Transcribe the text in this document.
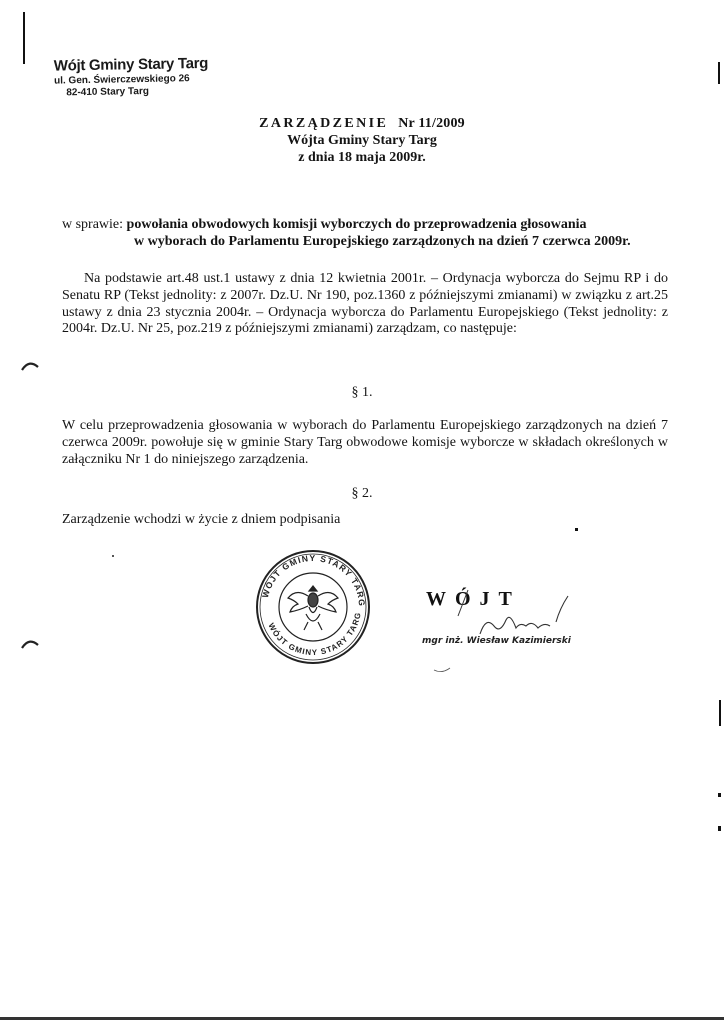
Wójt Gminy Stary Targ
ul. Gen. Świerczewskiego 26
82-410 Stary Targ
ZARZĄDZENIE Nr 11/2009
Wójta Gminy Stary Targ
z dnia 18 maja 2009r.
w sprawie: powołania obwodowych komisji wyborczych do przeprowadzenia głosowania
w wyborach do Parlamentu Europejskiego zarządzonych na dzień 7 czerwca 2009r.
Na podstawie art.48 ust.1 ustawy z dnia 12 kwietnia 2001r. – Ordynacja wyborcza do Sejmu RP i do Senatu RP (Tekst jednolity: z 2007r. Dz.U. Nr 190, poz.1360 z późniejszymi zmianami) w związku z art.25 ustawy z dnia 23 stycznia 2004r. – Ordynacja wyborcza do Parlamentu Europejskiego (Tekst jednolity: z 2004r. Dz.U. Nr 25, poz.219 z późniejszymi zmianami) zarządzam, co następuje:
§ 1.
W celu przeprowadzenia głosowania w wyborach do Parlamentu Europejskiego zarządzonych na dzień 7 czerwca 2009r. powołuje się w gminie Stary Targ obwodowe komisje wyborcze w składach określonych w załączniku Nr 1 do niniejszego zarządzenia.
§ 2.
Zarządzenie wchodzi w życie z dniem podpisania
WÓJT GMINY STARY TARG
WÓJT GMINY STARY TARG
WÓJT
mgr inż. Wiesław Kazimierski
